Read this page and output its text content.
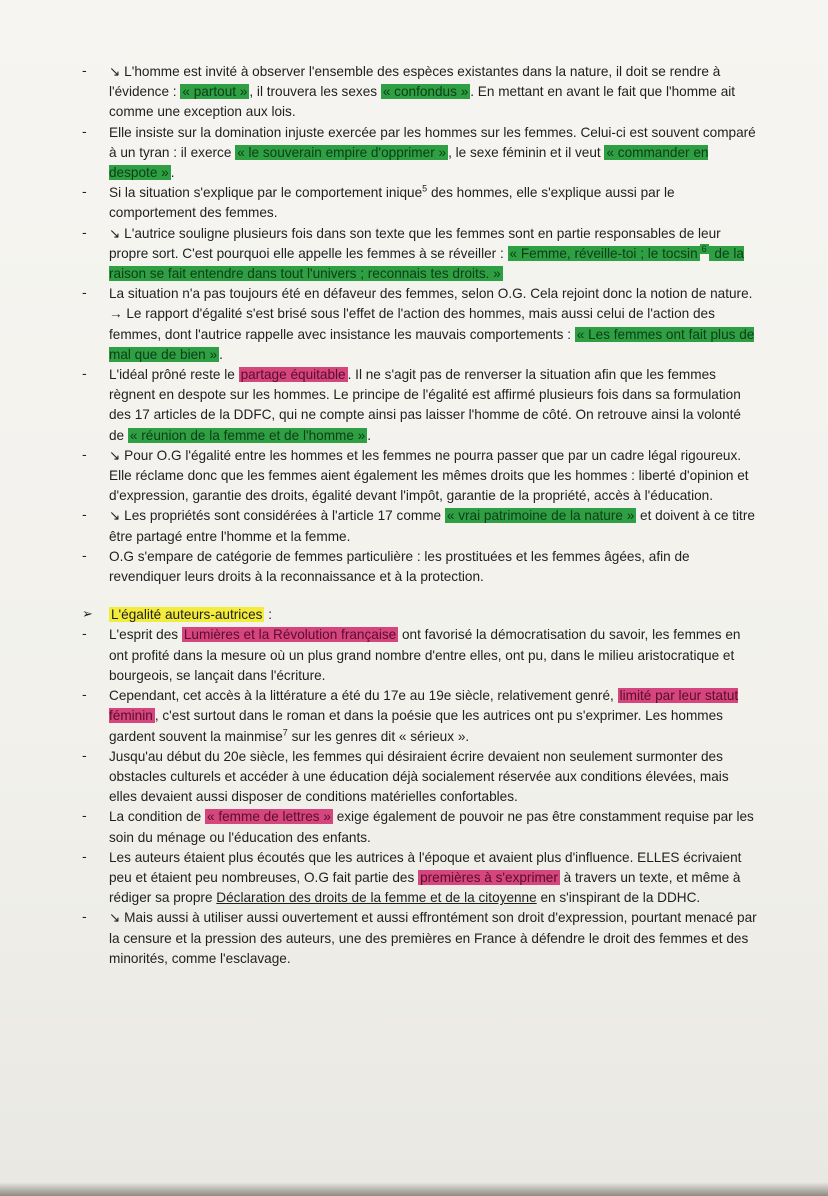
-	↘ L'homme est invité à observer l'ensemble des espèces existantes dans la nature, il doit se rendre à l'évidence : « partout » , il trouvera les sexes « confondus » . En mettant en avant le fait que l'homme ait comme une exception aux lois.

-	Elle insiste sur la domination injuste exercée par les hommes sur les femmes. Celui-ci est souvent comparé à un tyran : il exerce « le souverain empire d'opprimer » , le sexe féminin et il veut « commander en despote » .

-	Si la situation s'explique par le comportement inique$^5$ des hommes, elle s'explique aussi par le comportement des femmes.

-	↘ L'autrice souligne plusieurs fois dans son texte que les femmes sont en partie responsables de leur propre sort. C'est pourquoi elle appelle les femmes à se réveiller : « Femme, réveille-toi ; le tocsin $^6$ de la raison se fait entendre dans tout l'univers ; reconnais tes droits. »

-	La situation n'a pas toujours été en défaveur des femmes, selon O.G. Cela rejoint donc la notion de nature. → Le rapport d'égalité s'est brisé sous l'effet de l'action des hommes, mais aussi celui de l'action des femmes, dont l'autrice rappelle avec insistance les mauvais comportements : « Les femmes ont fait plus de mal que de bien » .

-	L'idéal prôné reste le partage équitable . Il ne s'agit pas de renverser la situation afin que les femmes règnent en despote sur les hommes. Le principe de l'égalité est affirmé plusieurs fois dans sa formulation des 17 articles de la DDFC, qui ne compte ainsi pas laisser l'homme de côté. On retrouve ainsi la volonté de « réunion de la femme et de l'homme » .

-	↘ Pour O.G l'égalité entre les hommes et les femmes ne pourra passer que par un cadre légal rigoureux. Elle réclame donc que les femmes aient également les mêmes droits que les hommes : liberté d'opinion et d'expression, garantie des droits, égalité devant l'impôt, garantie de la propriété, accès à l'éducation.

-	↘ Les propriétés sont considérées à l'article 17 comme « vrai patrimoine de la nature » et doivent à ce titre être partagé entre l'homme et la femme.

-	O.G s'empare de catégorie de femmes particulière : les prostituées et les femmes âgées, afin de revendiquer leurs droits à la reconnaissance et à la protection.

➢	L'égalité auteurs-autrices :

-	L'esprit des Lumières et la Révolution française ont favorisé la démocratisation du savoir, les femmes en ont profité dans la mesure où un plus grand nombre d'entre elles, ont pu, dans le milieu aristocratique et bourgeois, se lançait dans l'écriture.

-	Cependant, cet accès à la littérature a été du 17e au 19e siècle, relativement genré, limité par leur statut féminin , c'est surtout dans le roman et dans la poésie que les autrices ont pu s'exprimer. Les hommes gardent souvent la mainmise$^7$ sur les genres dit « sérieux ».

-	Jusqu'au début du 20e siècle, les femmes qui désiraient écrire devaient non seulement surmonter des obstacles culturels et accéder à une éducation déjà socialement réservée aux conditions élevées, mais elles devaient aussi disposer de conditions matérielles confortables.

-	La condition de « femme de lettres » exige également de pouvoir ne pas être constamment requise par les soin du ménage ou l'éducation des enfants.

-	Les auteurs étaient plus écoutés que les autrices à l'époque et avaient plus d'influence. ELLES écrivaient peu et étaient peu nombreuses, O.G fait partie des premières à s'exprimer à travers un texte, et même à rédiger sa propre Déclaration des droits de la femme et de la citoyenne en s'inspirant de la DDHC.

-	↘ Mais aussi à utiliser aussi ouvertement et aussi effrontément son droit d'expression, pourtant menacé par la censure et la pression des auteurs, une des premières en France à défendre le droit des femmes et des minorités, comme l'esclavage.
